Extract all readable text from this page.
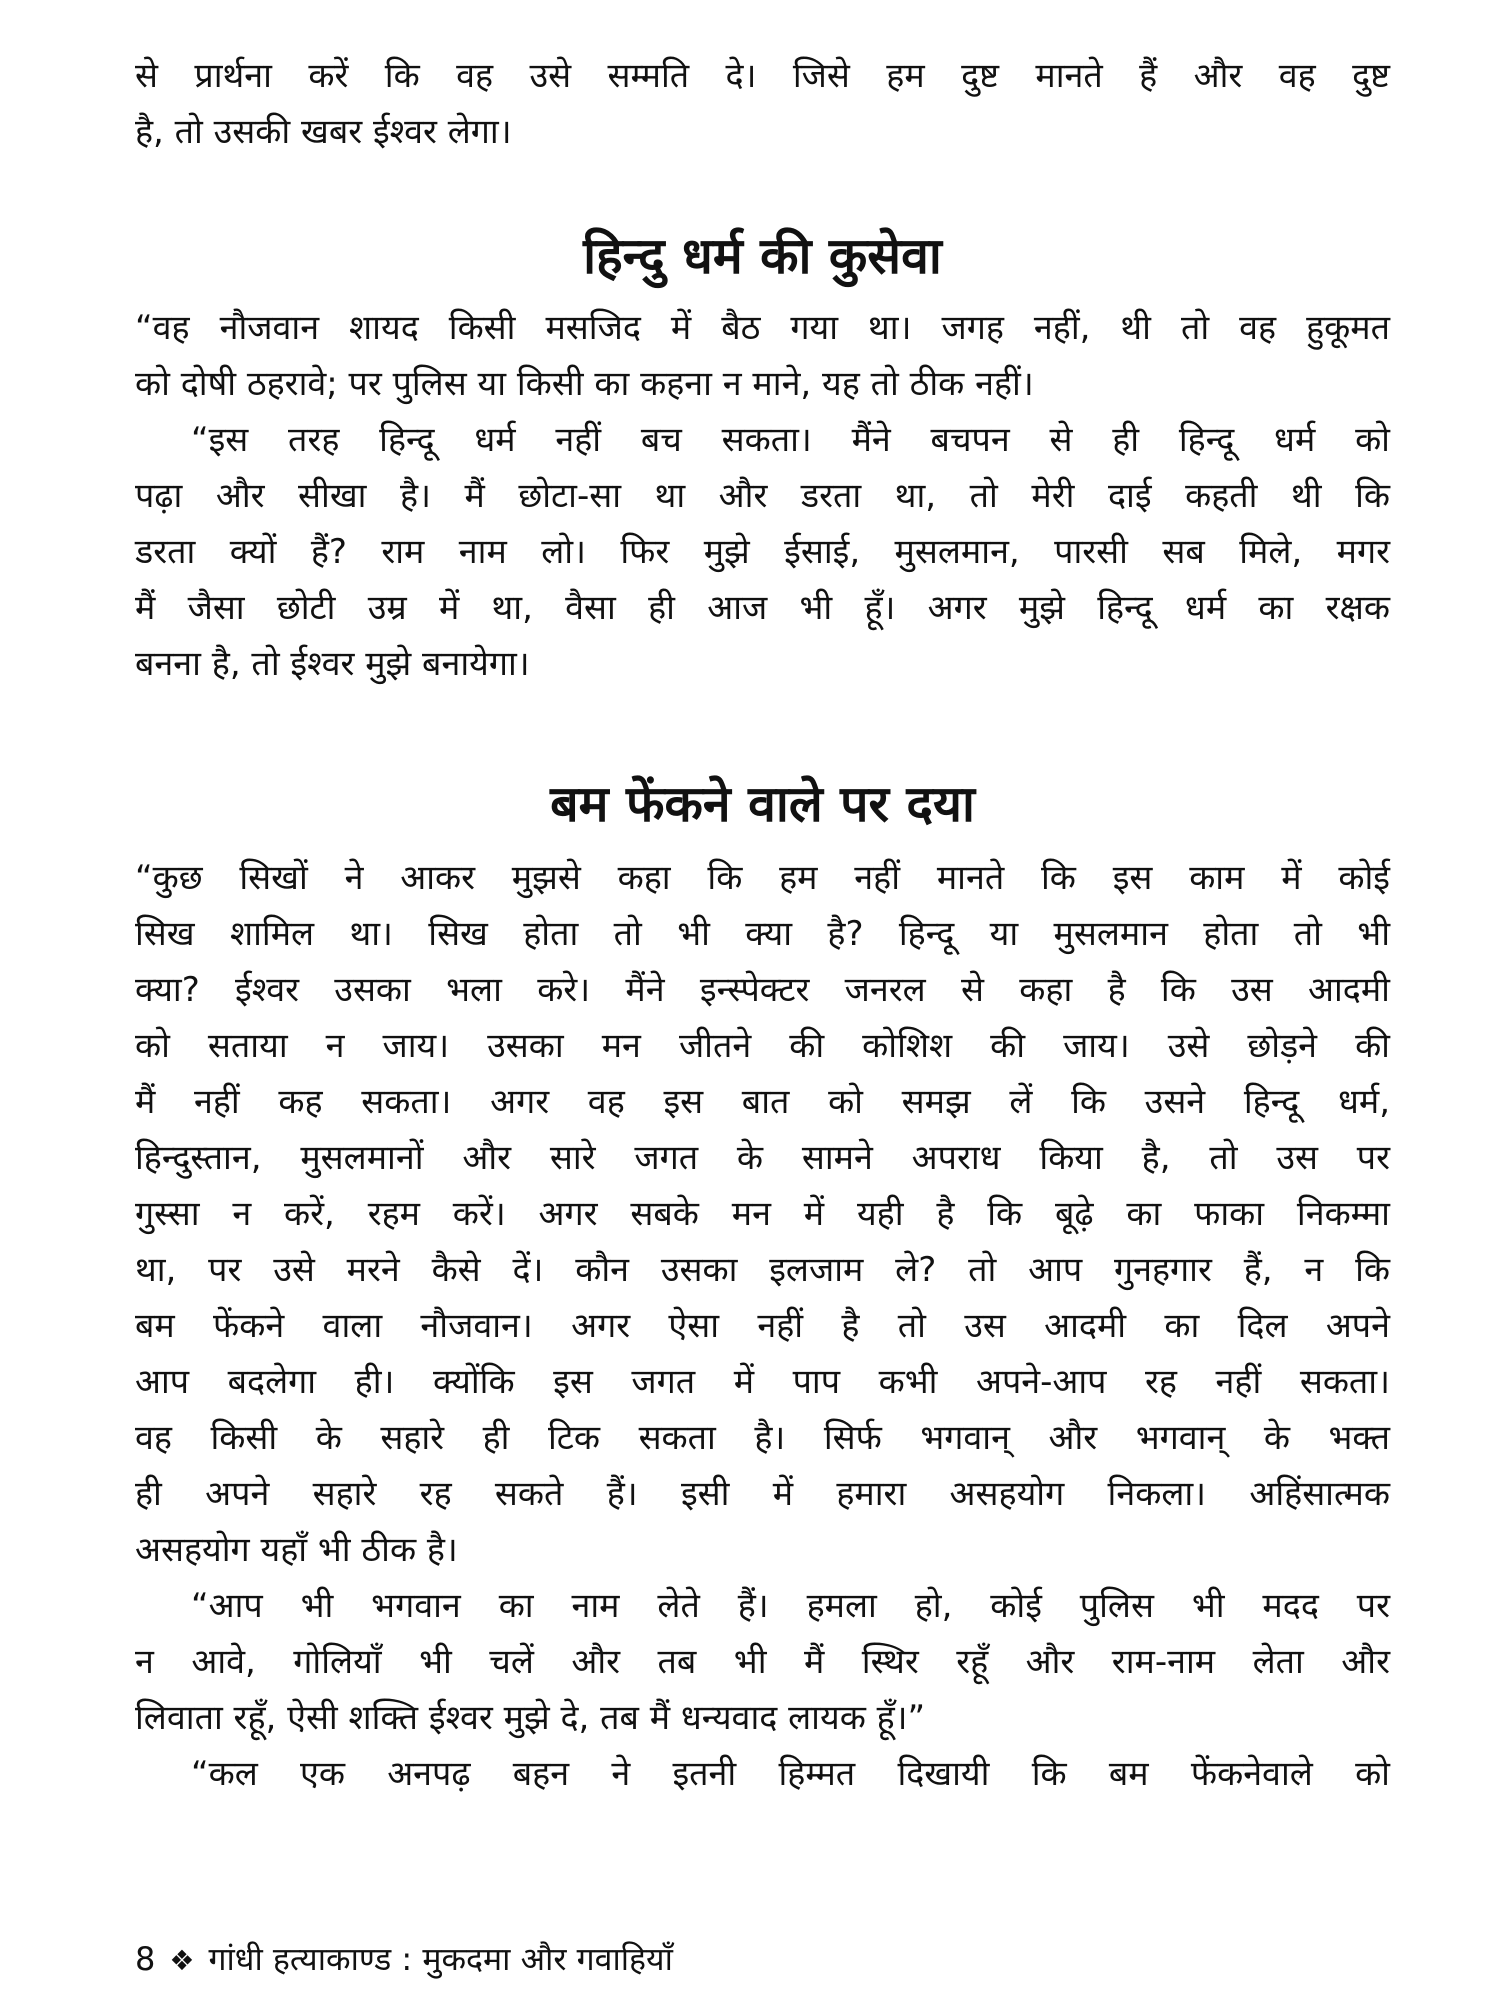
से प्रार्थना करें कि वह उसे सम्मति दे। जिसे हम दुष्ट मानते हैं और वह दुष्ट
है, तो उसकी खबर ईश्वर लेगा।

हिन्दु धर्म की कुसेवा

“वह नौजवान शायद किसी मसजिद में बैठ गया था। जगह नहीं, थी तो वह हुकूमत
को दोषी ठहरावे; पर पुलिस या किसी का कहना न माने, यह तो ठीक नहीं।

“इस तरह हिन्दू धर्म नहीं बच सकता। मैंने बचपन से ही हिन्दू धर्म को
पढ़ा और सीखा है। मैं छोटा-सा था और डरता था, तो मेरी दाई कहती थी कि
डरता क्यों हैं? राम नाम लो। फिर मुझे ईसाई, मुसलमान, पारसी सब मिले, मगर
मैं जैसा छोटी उम्र में था, वैसा ही आज भी हूँ। अगर मुझे हिन्दू धर्म का रक्षक
बनना है, तो ईश्वर मुझे बनायेगा।

बम फेंकने वाले पर दया

“कुछ सिखों ने आकर मुझसे कहा कि हम नहीं मानते कि इस काम में कोई
सिख शामिल था। सिख होता तो भी क्या है? हिन्दू या मुसलमान होता तो भी
क्या? ईश्वर उसका भला करे। मैंने इन्स्पेक्टर जनरल से कहा है कि उस आदमी
को सताया न जाय। उसका मन जीतने की कोशिश की जाय। उसे छोड़ने की
मैं नहीं कह सकता। अगर वह इस बात को समझ लें कि उसने हिन्दू धर्म,
हिन्दुस्तान, मुसलमानों और सारे जगत के सामने अपराध किया है, तो उस पर
गुस्सा न करें, रहम करें। अगर सबके मन में यही है कि बूढ़े का फाका निकम्मा
था, पर उसे मरने कैसे दें। कौन उसका इलजाम ले? तो आप गुनहगार हैं, न कि
बम फेंकने वाला नौजवान। अगर ऐसा नहीं है तो उस आदमी का दिल अपने
आप बदलेगा ही। क्योंकि इस जगत में पाप कभी अपने-आप रह नहीं सकता।
वह किसी के सहारे ही टिक सकता है। सिर्फ भगवान् और भगवान् के भक्त
ही अपने सहारे रह सकते हैं। इसी में हमारा असहयोग निकला। अहिंसात्मक
असहयोग यहाँ भी ठीक है।

“आप भी भगवान का नाम लेते हैं। हमला हो, कोई पुलिस भी मदद पर
न आवे, गोलियाँ भी चलें और तब भी मैं स्थिर रहूँ और राम-नाम लेता और
लिवाता रहूँ, ऐसी शक्ति ईश्वर मुझे दे, तब मैं धन्यवाद लायक हूँ।”

“कल एक अनपढ़ बहन ने इतनी हिम्मत दिखायी कि बम फेंकनेवाले को

8 ❖ गांधी हत्याकाण्ड : मुकदमा और गवाहियाँ
